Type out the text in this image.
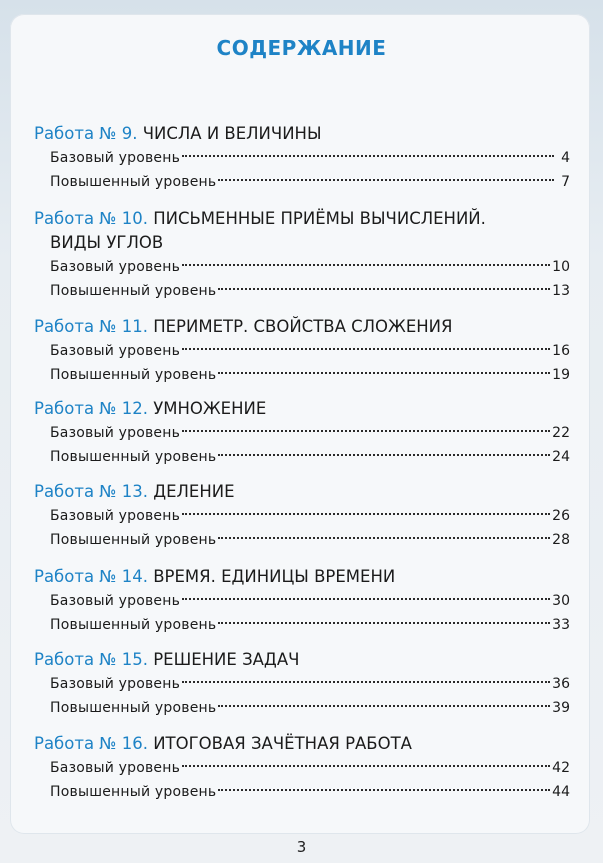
СОДЕРЖАНИЕ
Работа № 9. ЧИСЛА И ВЕЛИЧИНЫ
Базовый уровень	4
Повышенный уровень	7
Работа № 10. ПИСЬМЕННЫЕ ПРИЁМЫ ВЫЧИСЛЕНИЙ.
ВИДЫ УГЛОВ
Базовый уровень	10
Повышенный уровень	13
Работа № 11. ПЕРИМЕТР. СВОЙСТВА СЛОЖЕНИЯ
Базовый уровень	16
Повышенный уровень	19
Работа № 12. УМНОЖЕНИЕ
Базовый уровень	22
Повышенный уровень	24
Работа № 13. ДЕЛЕНИЕ
Базовый уровень	26
Повышенный уровень	28
Работа № 14. ВРЕМЯ. ЕДИНИЦЫ ВРЕМЕНИ
Базовый уровень	30
Повышенный уровень	33
Работа № 15. РЕШЕНИЕ ЗАДАЧ
Базовый уровень	36
Повышенный уровень	39
Работа № 16. ИТОГОВАЯ ЗАЧЁТНАЯ РАБОТА
Базовый уровень	42
Повышенный уровень	44
3
